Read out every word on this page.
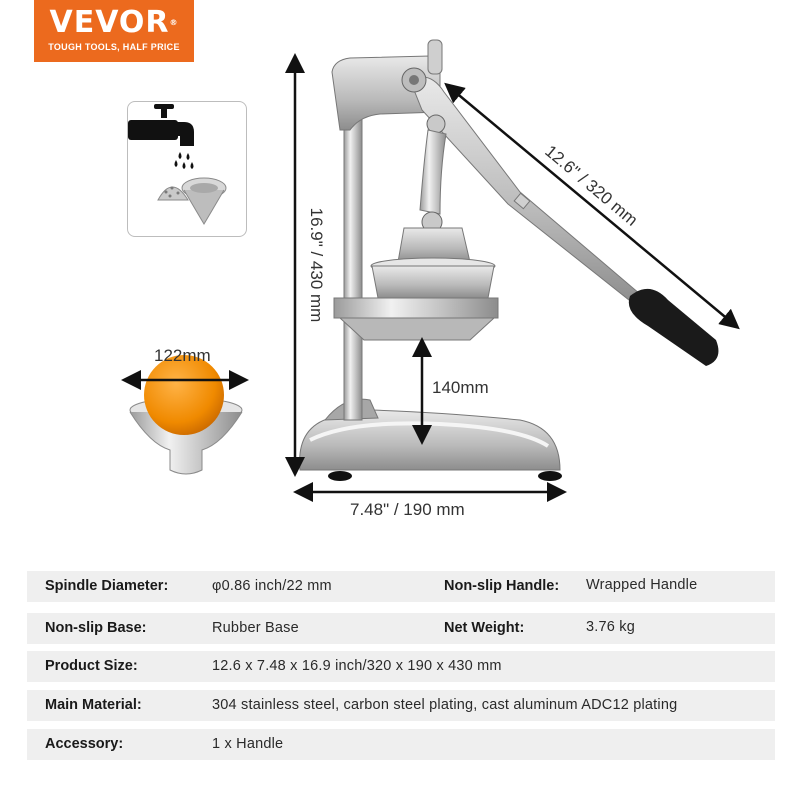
VEVOR®
TOUGH TOOLS, HALF PRICE
122mm
140mm
7.48" / 190 mm
16.9" / 430 mm
12.6" / 320 mm
Spindle Diameter:	φ0.86 inch/22 mm	Non-slip Handle: Wrapped Handle
Non-slip Base:	Rubber Base	Net Weight:	3.76 kg
Product Size:	12.6 x 7.48 x 16.9 inch/320 x 190 x 430 mm
Main Material:	304 stainless steel, carbon steel plating, cast aluminum ADC12 plating
Accessory:	1 x Handle
